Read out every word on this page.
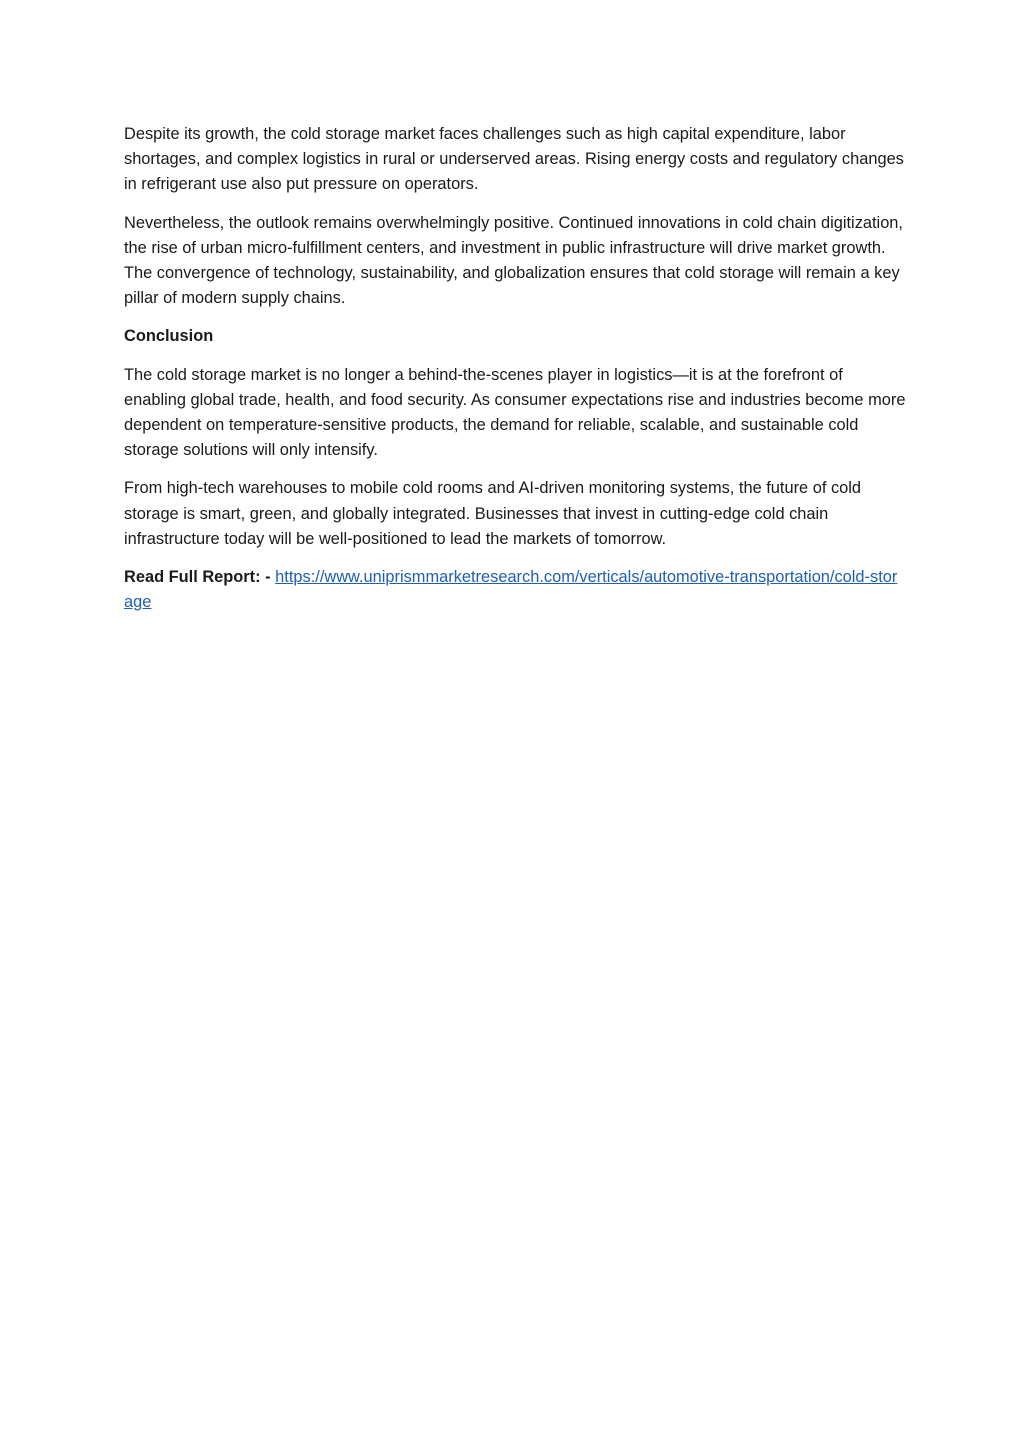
Despite its growth, the cold storage market faces challenges such as high capital expenditure, labor shortages, and complex logistics in rural or underserved areas. Rising energy costs and regulatory changes in refrigerant use also put pressure on operators.

Nevertheless, the outlook remains overwhelmingly positive. Continued innovations in cold chain digitization, the rise of urban micro-fulfillment centers, and investment in public infrastructure will drive market growth. The convergence of technology, sustainability, and globalization ensures that cold storage will remain a key pillar of modern supply chains.

Conclusion

The cold storage market is no longer a behind-the-scenes player in logistics—it is at the forefront of enabling global trade, health, and food security. As consumer expectations rise and industries become more dependent on temperature-sensitive products, the demand for reliable, scalable, and sustainable cold storage solutions will only intensify.

From high-tech warehouses to mobile cold rooms and AI-driven monitoring systems, the future of cold storage is smart, green, and globally integrated. Businesses that invest in cutting-edge cold chain infrastructure today will be well-positioned to lead the markets of tomorrow.

Read Full Report: - https://www.uniprismmarketresearch.com/verticals/automotive-transportation/cold-storage
